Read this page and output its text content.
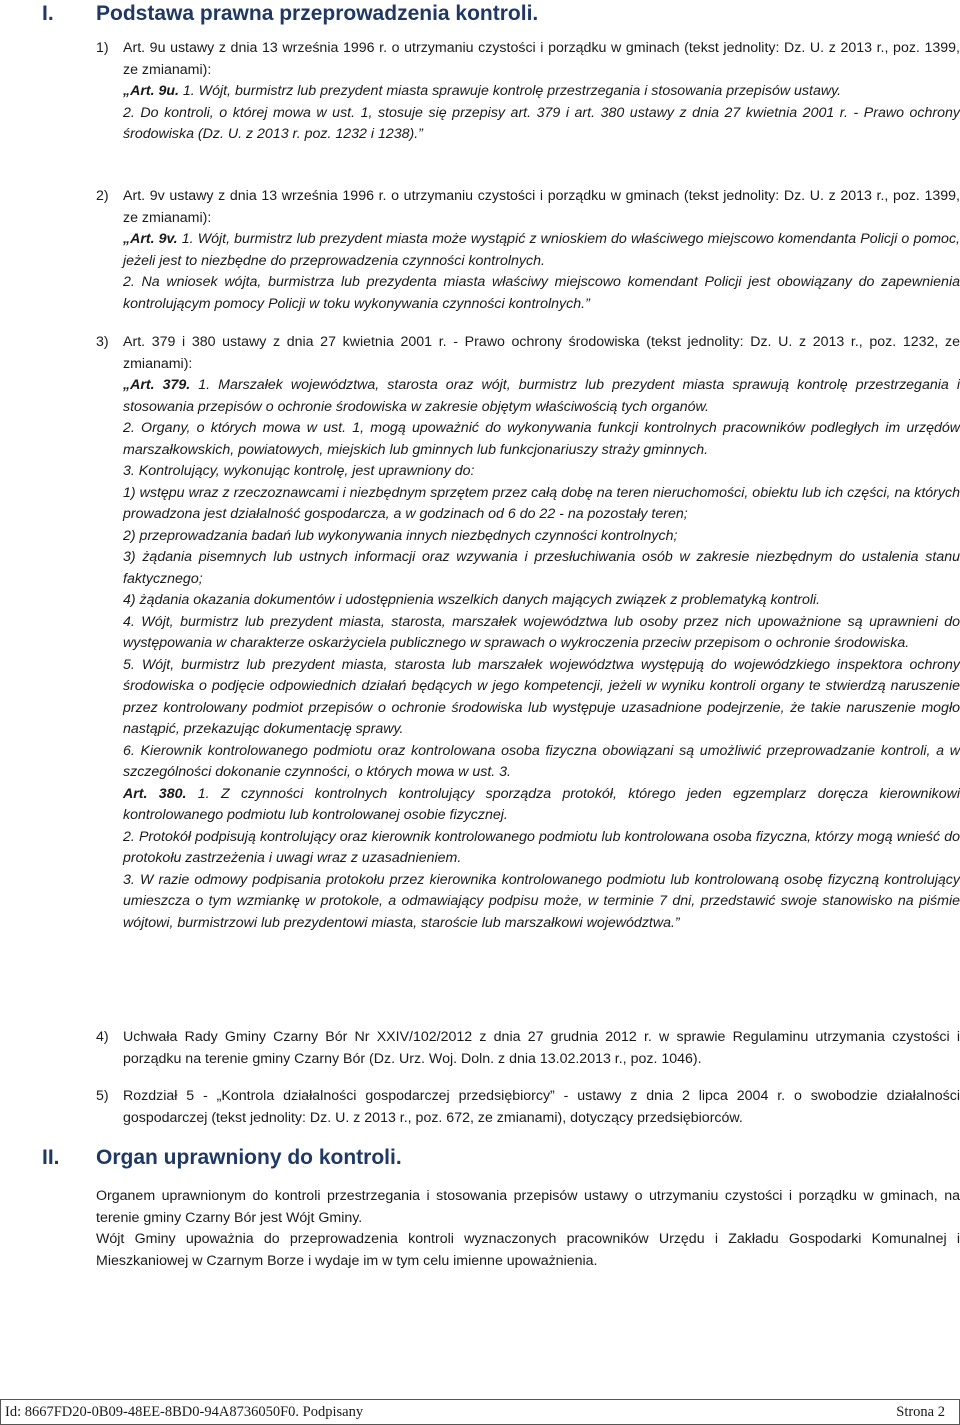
I. Podstawa prawna przeprowadzenia kontroli.
1) Art. 9u ustawy z dnia 13 września 1996 r. o utrzymaniu czystości i porządku w gminach (tekst jednolity: Dz. U. z 2013 r., poz. 1399, ze zmianami):
„Art. 9u. 1. Wójt, burmistrz lub prezydent miasta sprawuje kontrolę przestrzegania i stosowania przepisów ustawy.
2. Do kontroli, o której mowa w ust. 1, stosuje się przepisy art. 379 i art. 380 ustawy z dnia 27 kwietnia 2001 r. - Prawo ochrony środowiska (Dz. U. z 2013 r. poz. 1232 i 1238).”
2) Art. 9v ustawy z dnia 13 września 1996 r. o utrzymaniu czystości i porządku w gminach (tekst jednolity: Dz. U. z 2013 r., poz. 1399, ze zmianami):
„Art. 9v. 1. Wójt, burmistrz lub prezydent miasta może wystąpić z wnioskiem do właściwego miejscowo komendanta Policji o pomoc, jeżeli jest to niezbędne do przeprowadzenia czynności kontrolnych.
2. Na wniosek wójta, burmistrza lub prezydenta miasta właściwy miejscowo komendant Policji jest obowiązany do zapewnienia kontrolującym pomocy Policji w toku wykonywania czynności kontrolnych.”
3) Art. 379 i 380 ustawy z dnia 27 kwietnia 2001 r. - Prawo ochrony środowiska (tekst jednolity: Dz. U. z 2013 r., poz. 1232, ze zmianami):
„Art. 379. 1. Marszałek województwa, starosta oraz wójt, burmistrz lub prezydent miasta sprawują kontrolę przestrzegania i stosowania przepisów o ochronie środowiska w zakresie objętym właściwością tych organów.
2. Organy, o których mowa w ust. 1, mogą upoważnić do wykonywania funkcji kontrolnych pracowników podległych im urzędów marszałkowskich, powiatowych, miejskich lub gminnych lub funkcjonariuszy straży gminnych.
3. Kontrolujący, wykonując kontrolę, jest uprawniony do:
1) wstępu wraz z rzeczoznawcami i niezbędnym sprzętem przez całą dobę na teren nieruchomości, obiektu lub ich części, na których prowadzona jest działalność gospodarcza, a w godzinach od 6 do 22 - na pozostały teren;
2) przeprowadzania badań lub wykonywania innych niezbędnych czynności kontrolnych;
3) żądania pisemnych lub ustnych informacji oraz wzywania i przesłuchiwania osób w zakresie niezbędnym do ustalenia stanu faktycznego;
4) żądania okazania dokumentów i udostępnienia wszelkich danych mających związek z problematyką kontroli.
4. Wójt, burmistrz lub prezydent miasta, starosta, marszałek województwa lub osoby przez nich upoważnione są uprawnieni do występowania w charakterze oskarżyciela publicznego w sprawach o wykroczenia przeciw przepisom o ochronie środowiska.
5. Wójt, burmistrz lub prezydent miasta, starosta lub marszałek województwa występują do wojewódzkiego inspektora ochrony środowiska o podjęcie odpowiednich działań będących w jego kompetencji, jeżeli w wyniku kontroli organy te stwierdzą naruszenie przez kontrolowany podmiot przepisów o ochronie środowiska lub występuje uzasadnione podejrzenie, że takie naruszenie mogło nastąpić, przekazując dokumentację sprawy.
6. Kierownik kontrolowanego podmiotu oraz kontrolowana osoba fizyczna obowiązani są umożliwić przeprowadzanie kontroli, a w szczególności dokonanie czynności, o których mowa w ust. 3.
Art. 380. 1. Z czynności kontrolnych kontrolujący sporządza protokół, którego jeden egzemplarz doręcza kierownikowi kontrolowanego podmiotu lub kontrolowanej osobie fizycznej.
2. Protokół podpisują kontrolujący oraz kierownik kontrolowanego podmiotu lub kontrolowana osoba fizyczna, którzy mogą wnieść do protokołu zastrzeżenia i uwagi wraz z uzasadnieniem.
3. W razie odmowy podpisania protokołu przez kierownika kontrolowanego podmiotu lub kontrolowaną osobę fizyczną kontrolujący umieszcza o tym wzmiankę w protokole, a odmawiający podpisu może, w terminie 7 dni, przedstawić swoje stanowisko na piśmie wójtowi, burmistrzowi lub prezydentowi miasta, staroście lub marszałkowi województwa.”
4) Uchwała Rady Gminy Czarny Bór Nr XXIV/102/2012 z dnia 27 grudnia 2012 r. w sprawie Regulaminu utrzymania czystości i porządku na terenie gminy Czarny Bór (Dz. Urz. Woj. Doln. z dnia 13.02.2013 r., poz. 1046).
5) Rozdział 5 - „Kontrola działalności gospodarczej przedsiębiorcy” - ustawy z dnia 2 lipca 2004 r. o swobodzie działalności gospodarczej (tekst jednolity: Dz. U. z 2013 r., poz. 672, ze zmianami), dotyczący przedsiębiorców.
II. Organ uprawniony do kontroli.
Organem uprawnionym do kontroli przestrzegania i stosowania przepisów ustawy o utrzymaniu czystości i porządku w gminach, na terenie gminy Czarny Bór jest Wójt Gminy.
Wójt Gminy upoważnia do przeprowadzenia kontroli wyznaczonych pracowników Urzędu i Zakładu Gospodarki Komunalnej i Mieszkaniowej w Czarnym Borze i wydaje im w tym celu imienne upoważnienia.
Id: 8667FD20-0B09-48EE-8BD0-94A8736050F0. Podpisany	Strona 2
